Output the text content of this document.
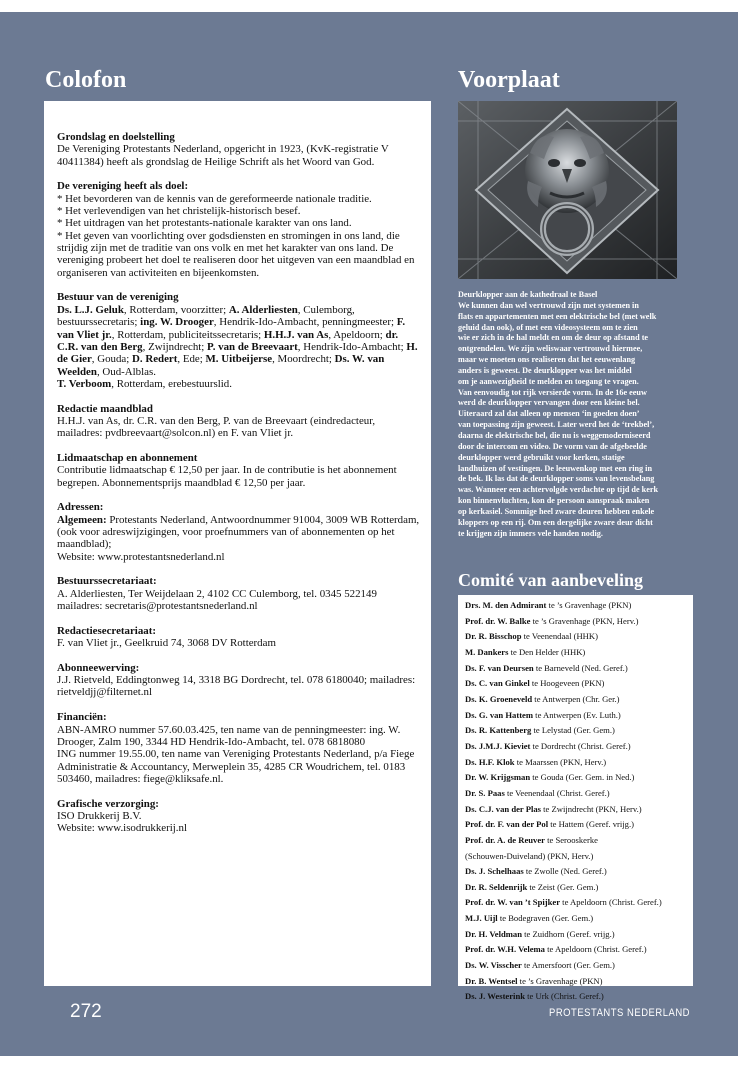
Colofon	Voorplaat
Grondslag en doelstelling
De Vereniging Protestants Nederland, opgericht in 1923, (KvK-registratie V 40411384) heeft als grondslag de Heilige Schrift als het Woord van God.
De vereniging heeft als doel:
* Het bevorderen van de kennis van de gereformeerde nationale traditie.
* Het verlevendigen van het christelijk-historisch besef.
* Het uitdragen van het protestants-nationale karakter van ons land.
* Het geven van voorlichting over godsdiensten en stromingen in ons land, die strijdig zijn met de traditie van ons volk en met het karakter van ons land. De vereniging probeert het doel te realiseren door het uitgeven van een maandblad en organiseren van activiteiten en bijeenkomsten.
Bestuur van de vereniging
Ds. L.J. Geluk, Rotterdam, voorzitter; A. Alderliesten, Culemborg, bestuurssecretaris; ing. W. Drooger, Hendrik-Ido-Ambacht, penningmeester; F. van Vliet jr., Rotterdam, publiciteitssecretaris; H.H.J. van As, Apeldoorn; dr. C.R. van den Berg, Zwijndrecht; P. van de Breevaart, Hendrik-Ido-Ambacht; H. de Gier, Gouda; D. Redert, Ede; M. Uitbeijerse, Moordrecht; Ds. W. van Weelden, Oud-Alblas.
T. Verboom, Rotterdam, erebestuurslid.
Redactie maandblad
H.H.J. van As, dr. C.R. van den Berg, P. van de Breevaart (eindredacteur, mailadres: pvdbreevaart@solcon.nl) en F. van Vliet jr.
Lidmaatschap en abonnement
Contributie lidmaatschap € 12,50 per jaar. In de contributie is het abonnement begrepen. Abonnementsprijs maandblad € 12,50 per jaar.
Adressen:
Algemeen: Protestants Nederland, Antwoordnummer 91004, 3009 WB Rotterdam, (ook voor adreswijzigingen, voor proefnummers van of abonnementen op het maandblad);
Website: www.protestantsnederland.nl
Bestuurssecretariaat:
A. Alderliesten, Ter Weijdelaan 2, 4102 CC Culemborg, tel. 0345 522149 mailadres: secretaris@protestantsnederland.nl
Redactiesecretariaat:
F. van Vliet jr., Geelkruid 74, 3068 DV Rotterdam
Abonneewerving:
J.J. Rietveld, Eddingtonweg 14, 3318 BG Dordrecht, tel. 078 6180040; mailadres: rietveldjj@filternet.nl
Financiën:
ABN-AMRO nummer 57.60.03.425, ten name van de penningmeester: ing. W. Drooger, Zalm 190, 3344 HD Hendrik-Ido-Ambacht, tel. 078 6818080
ING nummer 19.55.00, ten name van Vereniging Protestants Nederland, p/a Fiege Administratie & Accountancy, Merweplein 35, 4285 CR Woudrichem, tel. 0183 503460, mailadres: fiege@kliksafe.nl.
Grafische verzorging:
ISO Drukkerij B.V.
Website: www.isodrukkerij.nl
Deurklopper aan de kathedraal te Basel
We kunnen dan wel vertrouwd zijn met systemen in
flats en appartementen met een elektrische bel (met welk
geluid dan ook), of met een videosysteem om te zien
wie er zich in de hal meldt en om de deur op afstand te
ontgrendelen. We zijn weliswaar vertrouwd hiermee,
maar we moeten ons realiseren dat het eeuwenlang
anders is geweest. De deurklopper was het middel
om je aanwezigheid te melden en toegang te vragen.
Van eenvoudig tot rijk versierde vorm. In de 16e eeuw
werd de deurklopper vervangen door een kleine bel.
Uiteraard zal dat alleen op mensen ‘in goeden doen’
van toepassing zijn geweest. Later werd het de ‘trekbel’,
daarna de elektrische bel, die nu is weggemoderniseerd
door de intercom en video. De vorm van de afgebeelde
deurklopper werd gebruikt voor kerken, statige
landhuizen of vestingen. De leeuwenkop met een ring in
de bek. Ik las dat de deurklopper soms van levensbelang
was. Wanneer een achtervolgde verdachte op tijd de kerk
kon binnenvluchten, kon de persoon aanspraak maken
op kerkasiel. Sommige heel zware deuren hebben enkele
kloppers op een rij. Om een dergelijke zware deur dicht
te krijgen zijn immers vele handen nodig.
Comité van aanbeveling
Drs. M. den Admirant te ’s Gravenhage (PKN)
Prof. dr. W. Balke te ’s Gravenhage (PKN, Herv.)
Dr. R. Bisschop te Veenendaal (HHK)
M. Dankers te Den Helder (HHK)
Ds. F. van Deursen te Barneveld (Ned. Geref.)
Ds. C. van Ginkel te Hoogeveen (PKN)
Ds. K. Groeneveld te Antwerpen (Chr. Ger.)
Ds. G. van Hattem te Antwerpen (Ev. Luth.)
Ds. R. Kattenberg te Lelystad (Ger. Gem.)
Ds. J.M.J. Kieviet te Dordrecht (Christ. Geref.)
Ds. H.F. Klok te Maarssen (PKN, Herv.)
Dr. W. Krijgsman te Gouda (Ger. Gem. in Ned.)
Dr. S. Paas te Veenendaal (Christ. Geref.)
Ds. C.J. van der Plas te Zwijndrecht (PKN, Herv.)
Prof. dr. F. van der Pol te Hattem (Geref. vrijg.)
Prof. dr. A. de Reuver te Serooskerke
(Schouwen-Duiveland) (PKN, Herv.)
Ds. J. Schelhaas te Zwolle (Ned. Geref.)
Dr. R. Seldenrijk te Zeist (Ger. Gem.)
Prof. dr. W. van ’t Spijker te Apeldoorn (Christ. Geref.)
M.J. Uijl te Bodegraven (Ger. Gem.)
Dr. H. Veldman te Zuidhorn (Geref. vrijg.)
Prof. dr. W.H. Velema te Apeldoorn (Christ. Geref.)
Ds. W. Visscher te Amersfoort (Ger. Gem.)
Dr. B. Wentsel te ’s Gravenhage (PKN)
Ds. J. Westerink te Urk (Christ. Geref.)
272	PROTESTANTS NEDERLAND
